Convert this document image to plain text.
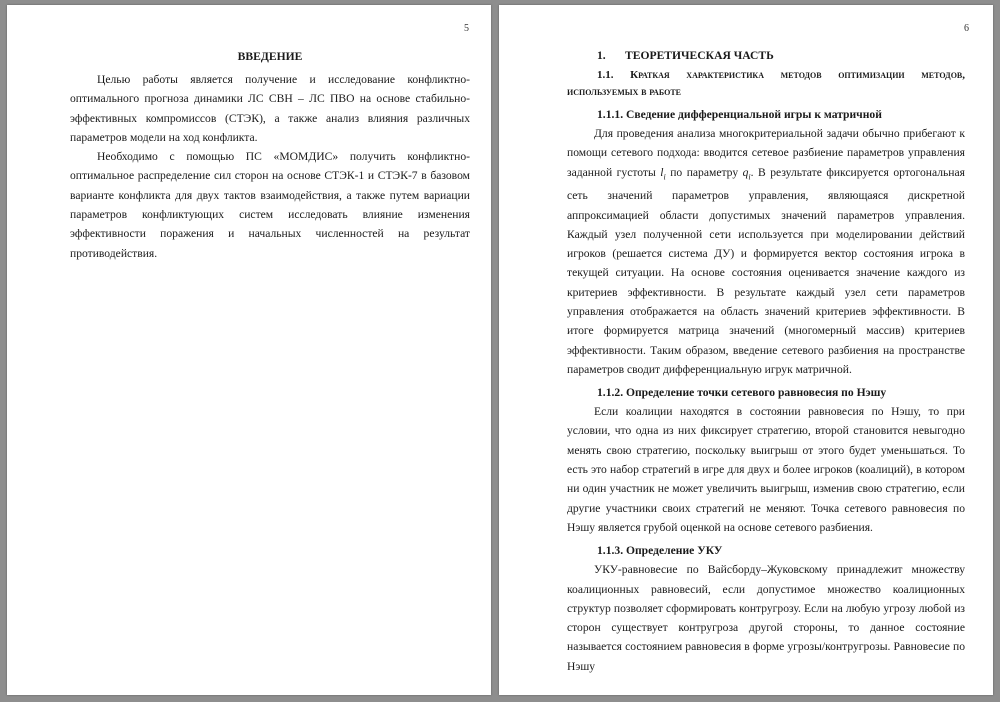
5
ВВЕДЕНИЕ

Целью работы является получение и исследование конфликтно-оптимального прогноза динамики ЛС СВН – ЛС ПВО на основе стабильно-эффективных компромиссов (СТЭК), а также анализ влияния различных параметров модели на ход конфликта.

Необходимо с помощью ПС «МОМДИС» получить конфликтно-оптимальное распределение сил сторон на основе СТЭК-1 и СТЭК-7 в базовом варианте конфликта для двух тактов взаимодействия, а также путем вариации параметров конфликтующих систем исследовать влияние изменения эффективности поражения и начальных численностей на результат противодействия.

6
1. ТЕОРЕТИЧЕСКАЯ ЧАСТЬ
1.1. Краткая характеристика методов оптимизации методов, используемых в работе
1.1.1. Сведение дифференциальной игры к матричной

Для проведения анализа многокритериальной задачи обычно прибегают к помощи сетевого подхода: вводится сетевое разбиение параметров управления заданной густоты $l_i$ по параметру $q_i$. В результате фиксируется ортогональная сеть значений параметров управления, являющаяся дискретной аппроксимацией области допустимых значений параметров управления. Каждый узел полученной сети используется при моделировании действий игроков (решается система ДУ) и формируется вектор состояния игрока в текущей ситуации. На основе состояния оценивается значение каждого из критериев эффективности. В результате каждый узел сети параметров управления отображается на область значений критериев эффективности. В итоге формируется матрица значений (многомерный массив) критериев эффективности. Таким образом, введение сетевого разбиения на пространстве параметров сводит дифференциальную игрук матричной.

1.1.2. Определение точки сетевого равновесия по Нэшу

Если коалиции находятся в состоянии равновесия по Нэшу, то при условии, что одна из них фиксирует стратегию, второй становится невыгодно менять свою стратегию, поскольку выигрыш от этого будет уменьшаться. То есть это набор стратегий в игре для двух и более игроков (коалиций), в котором ни один участник не может увеличить выигрыш, изменив свою стратегию, если другие участники своих стратегий не меняют. Точка сетевого равновесия по Нэшу является грубой оценкой на основе сетевого разбиения.

1.1.3. Определение УКУ

УКУ-равновесие по Вайсборду–Жуковскому принадлежит множеству коалиционных равновесий, если допустимое множество коалиционных структур позволяет сформировать контругрозу. Если на любую угрозу любой из сторон существует контругроза другой стороны, то данное состояние называется состоянием равновесия в форме угрозы/контругрозы. Равновесие по Нэшу
